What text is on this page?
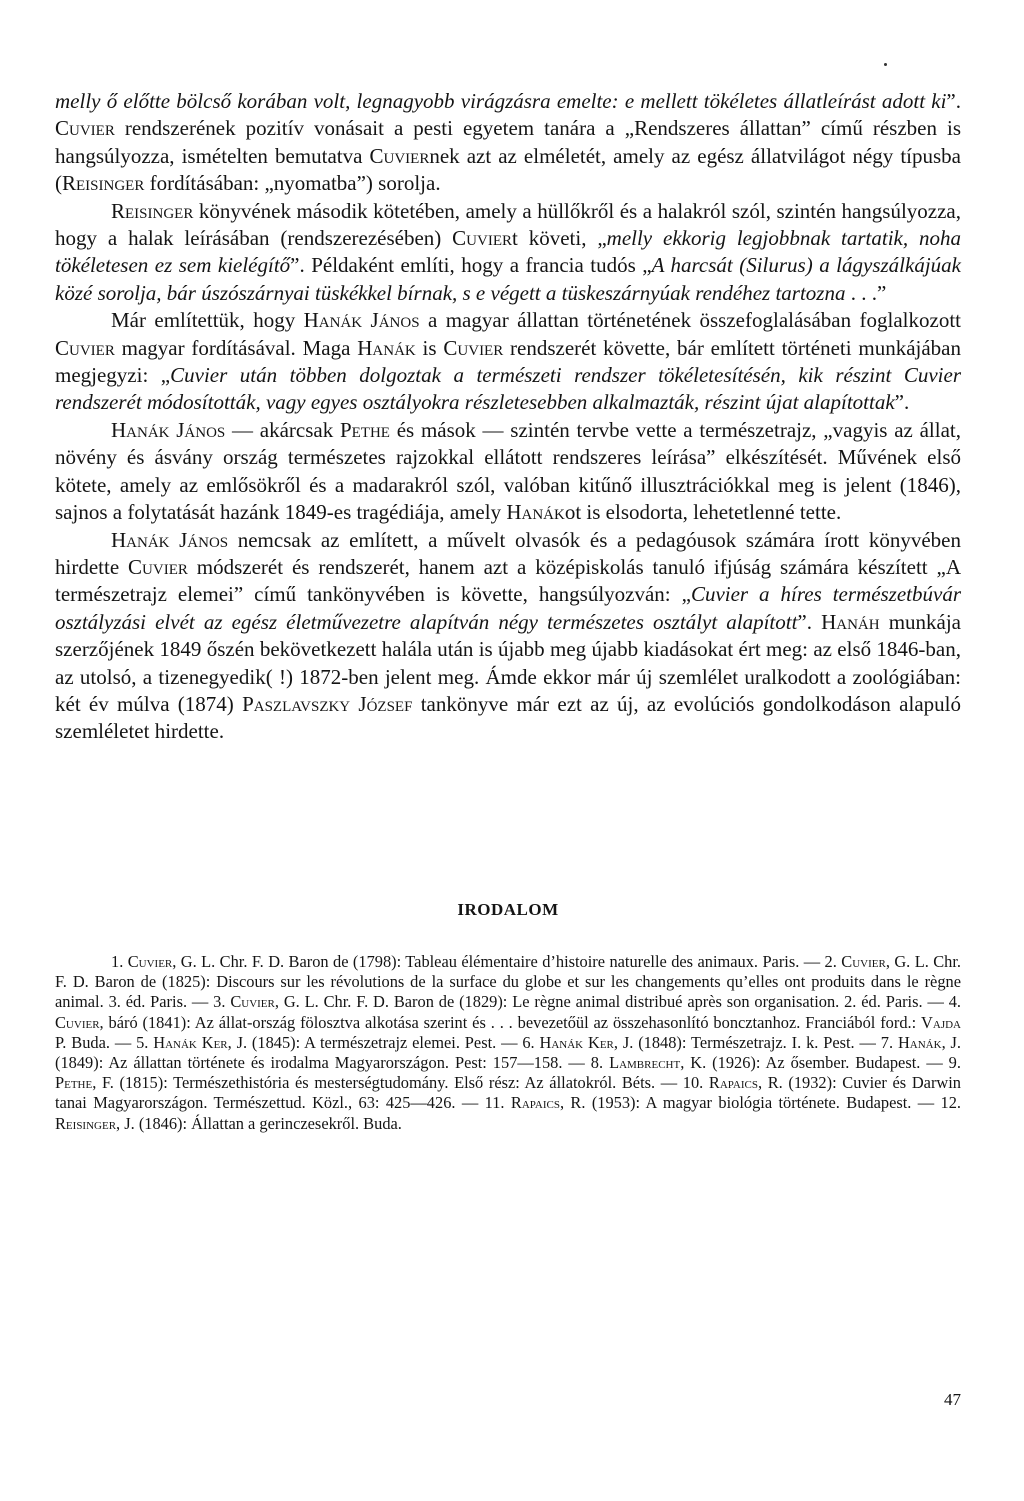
melly ő előtte bölcső korában volt, legnagyobb virágzásra emelte: e mellett tökéletes állatleírást adott ki”. Cuvier rendszerének pozitív vonásait a pesti egyetem tanára a „Rendszeres állattan” című részben is hangsúlyozza, ismételten bemutatva Cuviernek azt az elméletét, amely az egész állatvilágot négy típusba (Reisinger fordításában: „nyomatba”) sorolja.

Reisinger könyvének második kötetében, amely a hüllőkről és a halakról szól, szintén hangsúlyozza, hogy a halak leírásában (rendszerezésében) Cuviert követi, „melly ekkorig legjobbnak tartatik, noha tökéletesen ez sem kielégítő”. Példaként említi, hogy a francia tudós „A harcsát (Silurus) a lágyszálkájúak közé sorolja, bár úszószárnyai tüskékkel bírnak, s e végett a tüskeszárnyúak rendéhez tartozna . . .”

Már említettük, hogy Hanák János a magyar állattan történetének összefoglalásában foglalkozott Cuvier magyar fordításával. Maga Hanák is Cuvier rendszerét követte, bár említett történeti munkájában megjegyzi: „Cuvier után többen dolgoztak a természeti rendszer tökéletesítésén, kik részint Cuvier rendszerét módosították, vagy egyes osztályokra részletesebben alkalmazták, részint újat alapítottak”.

Hanák János — akárcsak Pethe és mások — szintén tervbe vette a természetrajz, „vagyis az állat, növény és ásvány ország természetes rajzokkal ellátott rendszeres leírása” elkészítését. Művének első kötete, amely az emlősökről és a madarakról szól, valóban kitűnő illusztrációkkal meg is jelent (1846), sajnos a folytatását hazánk 1849-es tragédiája, amely Hanákot is elsodorta, lehetetlenné tette.

Hanák János nemcsak az említett, a művelt olvasók és a pedagóusok számára írott könyvében hirdette Cuvier módszerét és rendszerét, hanem azt a középiskolás tanuló ifjúság számára készített „A természetrajz elemei” című tankönyvében is követte, hangsúlyozván: „Cuvier a híres természetbúvár osztályzási elvét az egész életművezetre alapítván négy természetes osztályt alapított”. Hanáh munkája szerzőjének 1849 őszén bekövetkezett halála után is újabb meg újabb kiadásokat ért meg: az első 1846-ban, az utolsó, a tizenegyedik( !) 1872-ben jelent meg. Ámde ekkor már új szemlélet uralkodott a zoológiában: két év múlva (1874) Paszlavszky József tankönyve már ezt az új, az evolúciós gondolkodáson alapuló szemléletet hirdette.

IRODALOM

1. Cuvier, G. L. Chr. F. D. Baron de (1798): Tableau élémentaire d’histoire naturelle des animaux. Paris. — 2. Cuvier, G. L. Chr. F. D. Baron de (1825): Discours sur les révolutions de la surface du globe et sur les changements qu’elles ont produits dans le règne animal. 3. éd. Paris. — 3. Cuvier, G. L. Chr. F. D. Baron de (1829): Le règne animal distribué après son organisation. 2. éd. Paris. — 4. Cuvier, báró (1841): Az állat-ország fölosztva alkotása szerint és . . . bevezetőül az összehasonlító boncztanhoz. Franciából ford.: Vajda P. Buda. — 5. Hanák Ker, J. (1845): A természetrajz elemei. Pest. — 6. Hanák Ker, J. (1848): Természetrajz. I. k. Pest. — 7. Hanák, J. (1849): Az állattan története és irodalma Magyarországon. Pest: 157—158. — 8. Lambrecht, K. (1926): Az ősember. Budapest. — 9. Pethe, F. (1815): Természethistória és mesterségtudomány. Első rész: Az állatokról. Béts. — 10. Rapaics, R. (1932): Cuvier és Darwin tanai Magyarországon. Természettud. Közl., 63: 425—426. — 11. Rapaics, R. (1953): A magyar biológia története. Budapest. — 12. Reisinger, J. (1846): Állattan a gerinczesekről. Buda.

47
